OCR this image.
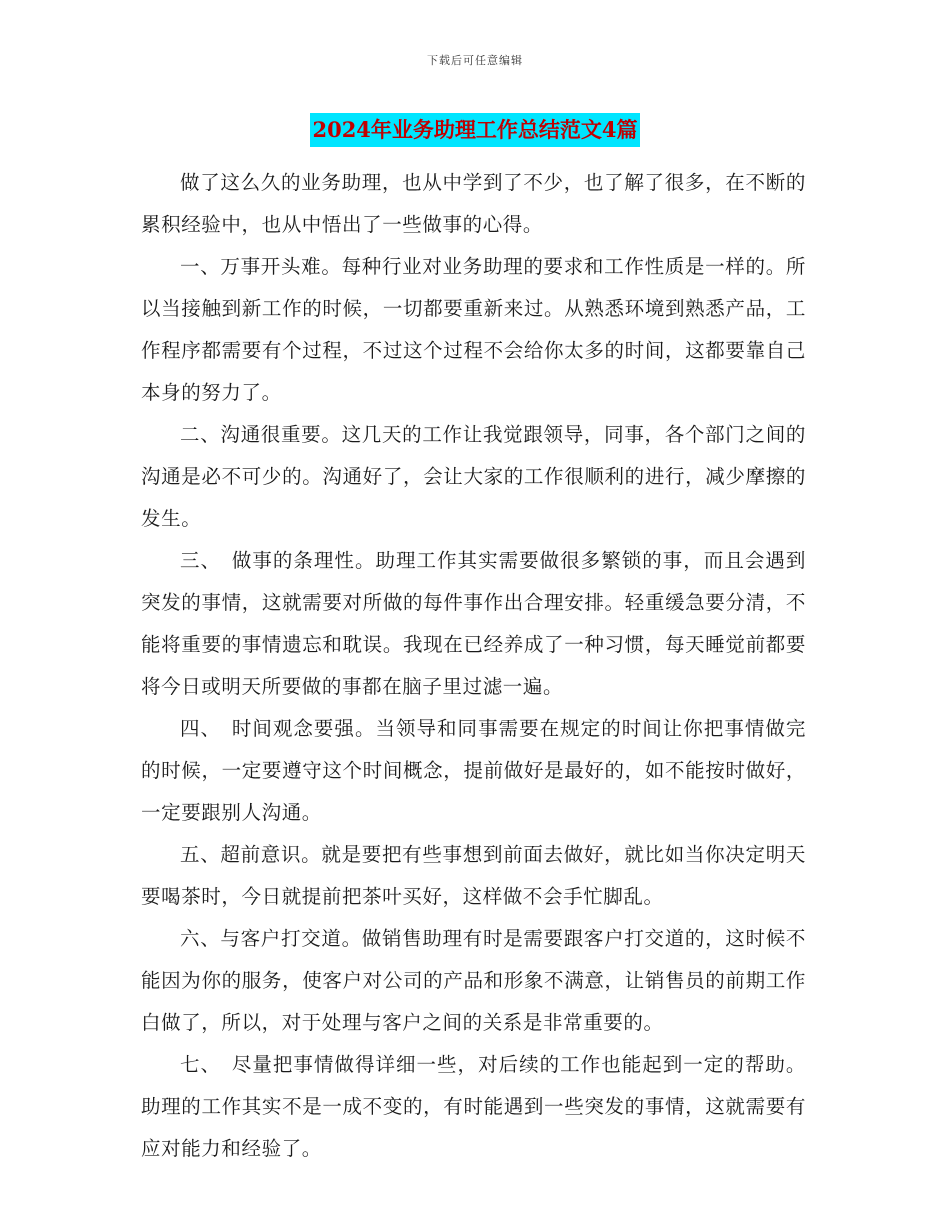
下载后可任意编辑
2024年业务助理工作总结范文4篇

做了这么久的业务助理，也从中学到了不少，也了解了很多，在不断的累积经验中，也从中悟出了一些做事的心得。

一、万事开头难。每种行业对业务助理的要求和工作性质是一样的。所以当接触到新工作的时候，一切都要重新来过。从熟悉环境到熟悉产品，工作程序都需要有个过程，不过这个过程不会给你太多的时间，这都要靠自己本身的努力了。

二、沟通很重要。这几天的工作让我觉跟领导，同事，各个部门之间的沟通是必不可少的。沟通好了，会让大家的工作很顺利的进行，减少摩擦的发生。

三、　做事的条理性。助理工作其实需要做很多繁锁的事，而且会遇到突发的事情，这就需要对所做的每件事作出合理安排。轻重缓急要分清，不能将重要的事情遗忘和耽误。我现在已经养成了一种习惯，每天睡觉前都要将今日或明天所要做的事都在脑子里过滤一遍。

四、　时间观念要强。当领导和同事需要在规定的时间让你把事情做完的时候，一定要遵守这个时间概念，提前做好是最好的，如不能按时做好，一定要跟别人沟通。

五、超前意识。就是要把有些事想到前面去做好，就比如当你决定明天要喝茶时，今日就提前把茶叶买好，这样做不会手忙脚乱。

六、与客户打交道。做销售助理有时是需要跟客户打交道的，这时候不能因为你的服务，使客户对公司的产品和形象不满意，让销售员的前期工作白做了，所以，对于处理与客户之间的关系是非常重要的。

七、　尽量把事情做得详细一些，对后续的工作也能起到一定的帮助。助理的工作其实不是一成不变的，有时能遇到一些突发的事情，这就需要有应对能力和经验了。
